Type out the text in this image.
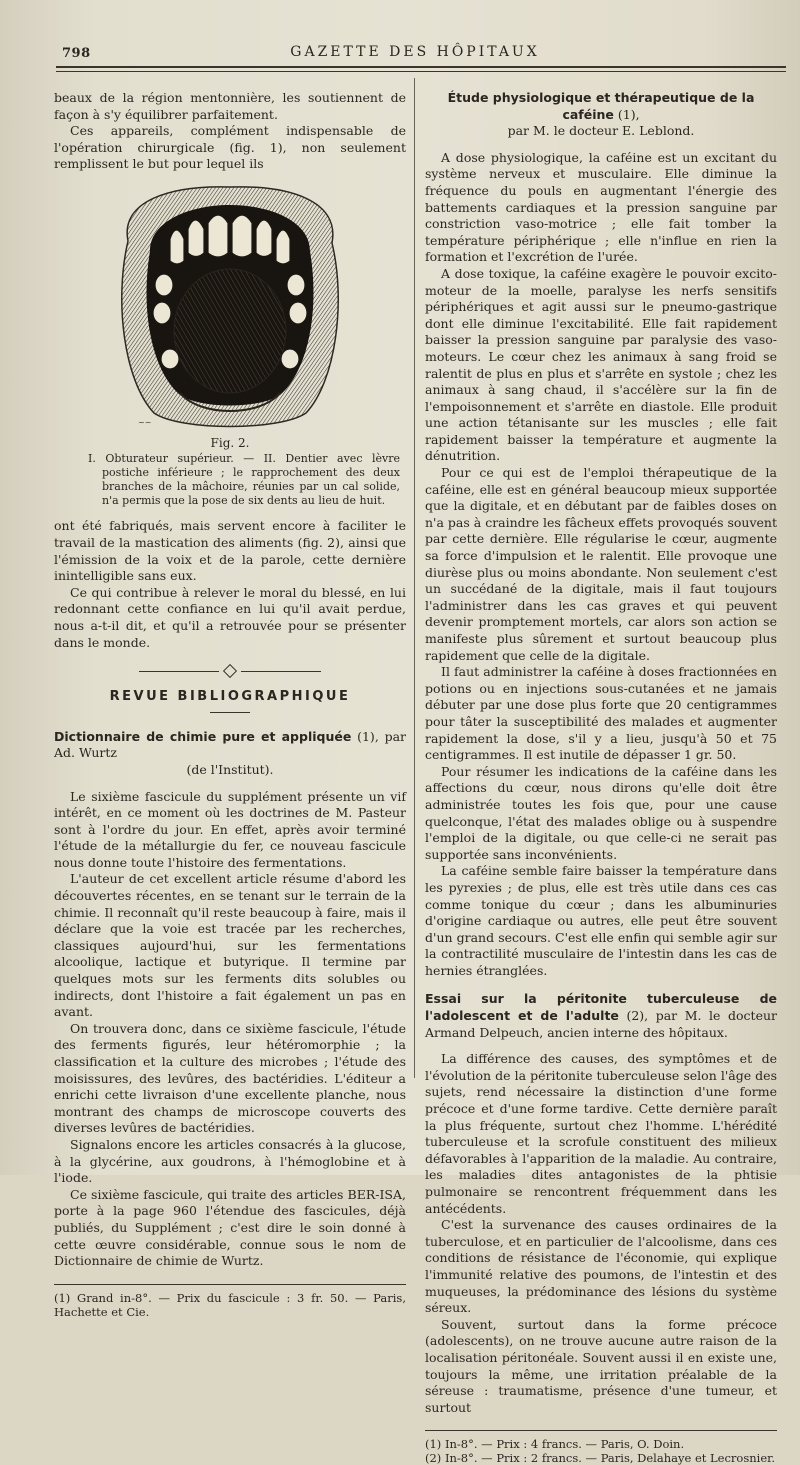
798	GAZETTE DES HÔPITAUX

beaux de la région mentonnière, les soutiennent de façon à s'y équilibrer parfaitement.

Ces appareils, complément indispensable de l'opération chirurgicale (fig. 1), non seulement remplissent le but pour lequel ils

~~

Fig. 2.

I. Obturateur supérieur. — II. Dentier avec lèvre postiche inférieure ; le rapprochement des deux branches de la mâchoire, réunies par un cal solide, n'a permis que la pose de six dents au lieu de huit.

ont été fabriqués, mais servent encore à faciliter le travail de la mastication des aliments (fig. 2), ainsi que l'émission de la voix et de la parole, cette dernière inintelligible sans eux.

Ce qui contribue à relever le moral du blessé, en lui redonnant cette confiance en lui qu'il avait perdue, nous a-t-il dit, et qu'il a retrouvée pour se présenter dans le monde.

REVUE BIBLIOGRAPHIQUE

Dictionnaire de chimie pure et appliquée (1), par Ad. Wurtz

(de l'Institut).

Le sixième fascicule du supplément présente un vif intérêt, en ce moment où les doctrines de M. Pasteur sont à l'ordre du jour. En effet, après avoir terminé l'étude de la métallurgie du fer, ce nouveau fascicule nous donne toute l'histoire des fermentations.

L'auteur de cet excellent article résume d'abord les découvertes récentes, en se tenant sur le terrain de la chimie. Il reconnaît qu'il reste beaucoup à faire, mais il déclare que la voie est tracée par les recherches, classiques aujourd'hui, sur les fermentations alcoolique, lactique et butyrique. Il termine par quelques mots sur les ferments dits solubles ou indirects, dont l'histoire a fait également un pas en avant.

On trouvera donc, dans ce sixième fascicule, l'étude des ferments figurés, leur hétéromorphie ; la classification et la culture des microbes ; l'étude des moisissures, des levûres, des bactéridies. L'éditeur a enrichi cette livraison d'une excellente planche, nous montrant des champs de microscope couverts des diverses levûres de bactéridies.

Signalons encore les articles consacrés à la glucose, à la glycérine, aux goudrons, à l'hémoglobine et à l'iode.

Ce sixième fascicule, qui traite des articles BER-ISA, porte à la page 960 l'étendue des fascicules, déjà publiés, du Supplément ; c'est dire le soin donné à cette œuvre considérable, connue sous le nom de Dictionnaire de chimie de Wurtz.

(1) Grand in-8°. — Prix du fascicule : 3 fr. 50. — Paris, Hachette et Cie.

Étude physiologique et thérapeutique de la caféine (1),

par M. le docteur E. Leblond.

A dose physiologique, la caféine est un excitant du système nerveux et musculaire. Elle diminue la fréquence du pouls en augmentant l'énergie des battements cardiaques et la pression sanguine par constriction vaso-motrice ; elle fait tomber la température périphérique ; elle n'influe en rien la formation et l'excrétion de l'urée.

A dose toxique, la caféine exagère le pouvoir excito-moteur de la moelle, paralyse les nerfs sensitifs périphériques et agit aussi sur le pneumo-gastrique dont elle diminue l'excitabilité. Elle fait rapidement baisser la pression sanguine par paralysie des vaso-moteurs. Le cœur chez les animaux à sang froid se ralentit de plus en plus et s'arrête en systole ; chez les animaux à sang chaud, il s'accélère sur la fin de l'empoisonnement et s'arrête en diastole. Elle produit une action tétanisante sur les muscles ; elle fait rapidement baisser la température et augmente la dénutrition.

Pour ce qui est de l'emploi thérapeutique de la caféine, elle est en général beaucoup mieux supportée que la digitale, et en débutant par de faibles doses on n'a pas à craindre les fâcheux effets provoqués souvent par cette dernière. Elle régularise le cœur, augmente sa force d'impulsion et le ralentit. Elle provoque une diurèse plus ou moins abondante. Non seulement c'est un succédané de la digitale, mais il faut toujours l'administrer dans les cas graves et qui peuvent devenir promptement mortels, car alors son action se manifeste plus sûrement et surtout beaucoup plus rapidement que celle de la digitale.

Il faut administrer la caféine à doses fractionnées en potions ou en injections sous-cutanées et ne jamais débuter par une dose plus forte que 20 centigrammes pour tâter la susceptibilité des malades et augmenter rapidement la dose, s'il y a lieu, jusqu'à 50 et 75 centigrammes. Il est inutile de dépasser 1 gr. 50.

Pour résumer les indications de la caféine dans les affections du cœur, nous dirons qu'elle doit être administrée toutes les fois que, pour une cause quelconque, l'état des malades oblige ou à suspendre l'emploi de la digitale, ou que celle-ci ne serait pas supportée sans inconvénients.

La caféine semble faire baisser la température dans les pyrexies ; de plus, elle est très utile dans ces cas comme tonique du cœur ; dans les albuminuries d'origine cardiaque ou autres, elle peut être souvent d'un grand secours. C'est elle enfin qui semble agir sur la contractilité musculaire de l'intestin dans les cas de hernies étranglées.

Essai sur la péritonite tuberculeuse de l'adolescent et de l'adulte (2), par M. le docteur Armand Delpeuch, ancien interne des hôpitaux.

La différence des causes, des symptômes et de l'évolution de la péritonite tuberculeuse selon l'âge des sujets, rend nécessaire la distinction d'une forme précoce et d'une forme tardive. Cette dernière paraît la plus fréquente, surtout chez l'homme. L'hérédité tuberculeuse et la scrofule constituent des milieux défavorables à l'apparition de la maladie. Au contraire, les maladies dites antagonistes de la phtisie pulmonaire se rencontrent fréquemment dans les antécédents.

C'est la survenance des causes ordinaires de la tuberculose, et en particulier de l'alcoolisme, dans ces conditions de résistance de l'économie, qui explique l'immunité relative des poumons, de l'intestin et des muqueuses, la prédominance des lésions du système séreux.

Souvent, surtout dans la forme précoce (adolescents), on ne trouve aucune autre raison de la localisation péritonéale. Souvent aussi il en existe une, toujours la même, une irritation préalable de la séreuse : traumatisme, présence d'une tumeur, et surtout

(1) In-8°. — Prix : 4 francs. — Paris, O. Doin.

(2) In-8°. — Prix : 2 francs. — Paris, Delahaye et Lecrosnier.
